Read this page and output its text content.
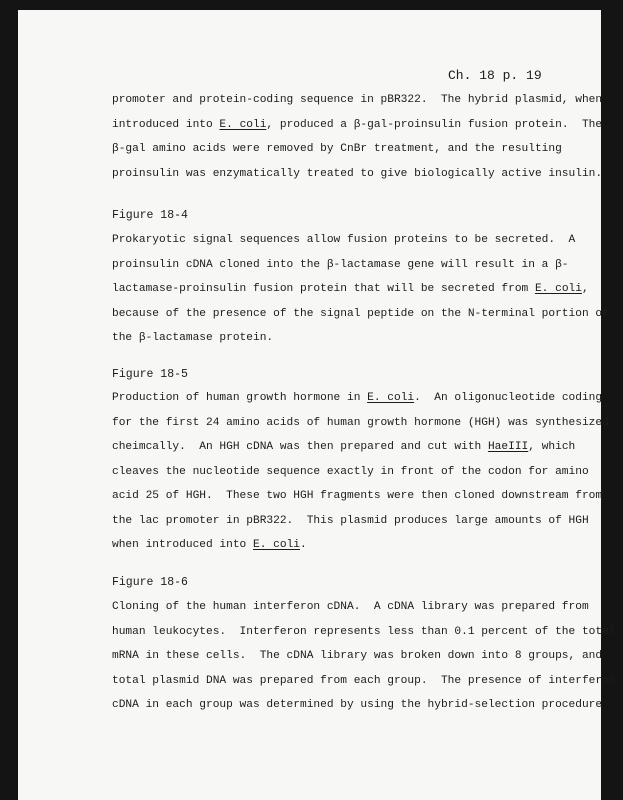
Ch. 18 p. 19
promoter and protein-coding sequence in pBR322.  The hybrid plasmid, when
introduced into E. coli, produced a β-gal-proinsulin fusion protein.  The
β-gal amino acids were removed by CnBr treatment, and the resulting
proinsulin was enzymatically treated to give biologically active insulin.
Figure 18-4
Prokaryotic signal sequences allow fusion proteins to be secreted.  A
proinsulin cDNA cloned into the β-lactamase gene will result in a β-
lactamase-proinsulin fusion protein that will be secreted from E. coli
because of the presence of the signal peptide on the N-terminal portion of
the β-lactamase protein.
Figure 18-5
Production of human growth hormone in E. coli.  An oligonucleotide coding
for the first 24 amino acids of human growth hormone (HGH) was synthesized
cheimcally.  An HGH cDNA was then prepared and cut with HaeIII, which
cleaves the nucleotide sequence exactly in front of the codon for amino
acid 25 of HGH.  These two HGH fragments were then cloned downstream from
the lac promoter in pBR322.  This plasmid produces large amounts of HGH
when introduced into E. coli.
Figure 18-6
Cloning of the human interferon cDNA.  A cDNA library was prepared from
human leukocytes.  Interferon represents less than 0.1 percent of the total
mRNA in these cells.  The cDNA library was broken down into 8 groups, and
total plasmid DNA was prepared from each group.  The presence of interferon
cDNA in each group was determined by using the hybrid-selection procedure
